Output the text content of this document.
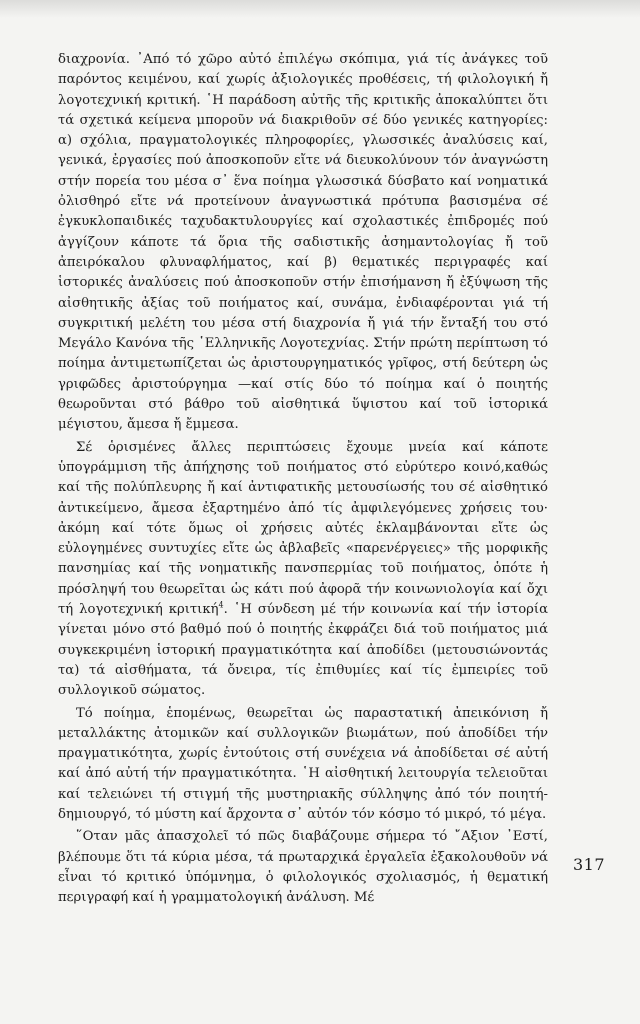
διαχρονία. ᾽Από τό χῶρο αὐτό ἐπιλέγω σκόπιμα, γιά τίς ἀνάγκες τοῦ παρόντος κειμένου, καί χωρίς ἀξιολογικές προθέσεις, τή φιλολογική ἤ λογοτεχνική κριτική. ῾Η παράδοση αὐτῆς τῆς κριτικῆς ἀποκαλύπτει ὅτι τά σχετικά κείμενα μποροῦν νά διακριθοῦν σέ δύο γενικές κατηγορίες: α) σχόλια, πραγματολογικές πληροφορίες, γλωσσικές ἀναλύσεις καί, γενικά, ἐργασίες πού ἀποσκοποῦν εἴτε νά διευκολύνουν τόν ἀναγνώστη στήν πορεία του μέσα σ᾽ ἕνα ποίημα γλωσσικά δύσβατο καί νοηματικά ὀλισθηρό εἴτε νά προτείνουν ἀναγνωστικά πρότυπα βασισμένα σέ ἐγκυκλοπαιδικές ταχυδακτυλουργίες καί σχολαστικές ἐπιδρομές πού ἀγγίζουν κάποτε τά ὅρια τῆς σαδιστικῆς ἀσημαντολογίας ἤ τοῦ ἀπειρόκαλου φλυναφλήματος, καί β) θεματικές περιγραφές καί ἱστορικές ἀναλύσεις πού ἀποσκοποῦν στήν ἐπισήμανση ἤ ἐξύψωση τῆς αἰσθητικῆς ἀξίας τοῦ ποιήματος καί, συνάμα, ἐνδιαφέρονται γιά τή συγκριτική μελέτη του μέσα στή διαχρονία ἤ γιά τήν ἔνταξή του στό Μεγάλο Κανόνα τῆς ῾Ελληνικῆς Λογοτεχνίας. Στήν πρώτη περίπτωση τό ποίημα ἀντιμετωπίζεται ὡς ἀριστουργηματικός γρῖφος, στή δεύτερη ὡς γριφῶδες ἀριστούργημα —καί στίς δύο τό ποίημα καί ὁ ποιητής θεωροῦνται στό βάθρο τοῦ αἰσθητικά ὕψιστου καί τοῦ ἱστορικά μέγιστου, ἄμεσα ἤ ἔμμεσα.

Σέ ὁρισμένες ἄλλες περιπτώσεις ἔχουμε μνεία καί κάποτε ὑπογράμμιση τῆς ἀπήχησης τοῦ ποιήματος στό εὐρύτερο κοινό,καθώς καί τῆς πολύπλευρης ἤ καί ἀντιφατικῆς μετουσίωσής του σέ αἰσθητικό ἀντικείμενο, ἄμεσα ἐξαρτημένο ἀπό τίς ἀμφιλεγόμενες χρήσεις του· ἀκόμη καί τότε ὅμως οἱ χρήσεις αὐτές ἐκλαμβάνονται εἴτε ὡς εὐλογημένες συντυχίες εἴτε ὡς ἀβλαβεῖς «παρενέργειες» τῆς μορφικῆς πανσημίας καί τῆς νοηματικῆς πανσπερμίας τοῦ ποιήματος, ὁπότε ἡ πρόσληψή του θεωρεῖται ὡς κάτι πού ἀφορᾶ τήν κοινωνιολογία καί ὄχι τή λογοτεχνική κριτική$^4$. ῾Η σύνδεση μέ τήν κοινωνία καί τήν ἱστορία γίνεται μόνο στό βαθμό πού ὁ ποιητής ἐκφράζει διά τοῦ ποιήματος μιά συγκεκριμένη ἱστορική πραγματικότητα καί ἀποδίδει (μετουσιώνοντάς τα) τά αἰσθήματα, τά ὄνειρα, τίς ἐπιθυμίες καί τίς ἐμπειρίες τοῦ συλλογικοῦ σώματος.

Τό ποίημα, ἑπομένως, θεωρεῖται ὡς παραστατική ἀπεικόνιση ἤ μεταλλάκτης ἀτομικῶν καί συλλογικῶν βιωμάτων, πού ἀποδίδει τήν πραγματικότητα, χωρίς ἐντούτοις στή συνέχεια νά ἀποδίδεται σέ αὐτή καί ἀπό αὐτή τήν πραγματικότητα. ῾Η αἰσθητική λειτουργία τελειοῦται καί τελειώνει τή στιγμή τῆς μυστηριακῆς σύλληψης ἀπό τόν ποιητή-δημιουργό, τό μύστη καί ἄρχοντα σ᾽ αὐτόν τόν κόσμο τό μικρό, τό μέγα.

῞Οταν μᾶς ἀπασχολεῖ τό πῶς διαβάζουμε σήμερα τό ῎Αξιον ᾽Εστί, βλέπουμε ὅτι τά κύρια μέσα, τά πρωταρχικά ἐργαλεῖα ἐξακολουθοῦν νά εἶναι τό κριτικό ὑπόμνημα, ὁ φιλολογικός σχολιασμός, ἡ θεματική περιγραφή καί ἡ γραμματολογική ἀνάλυση. Μέ

317
